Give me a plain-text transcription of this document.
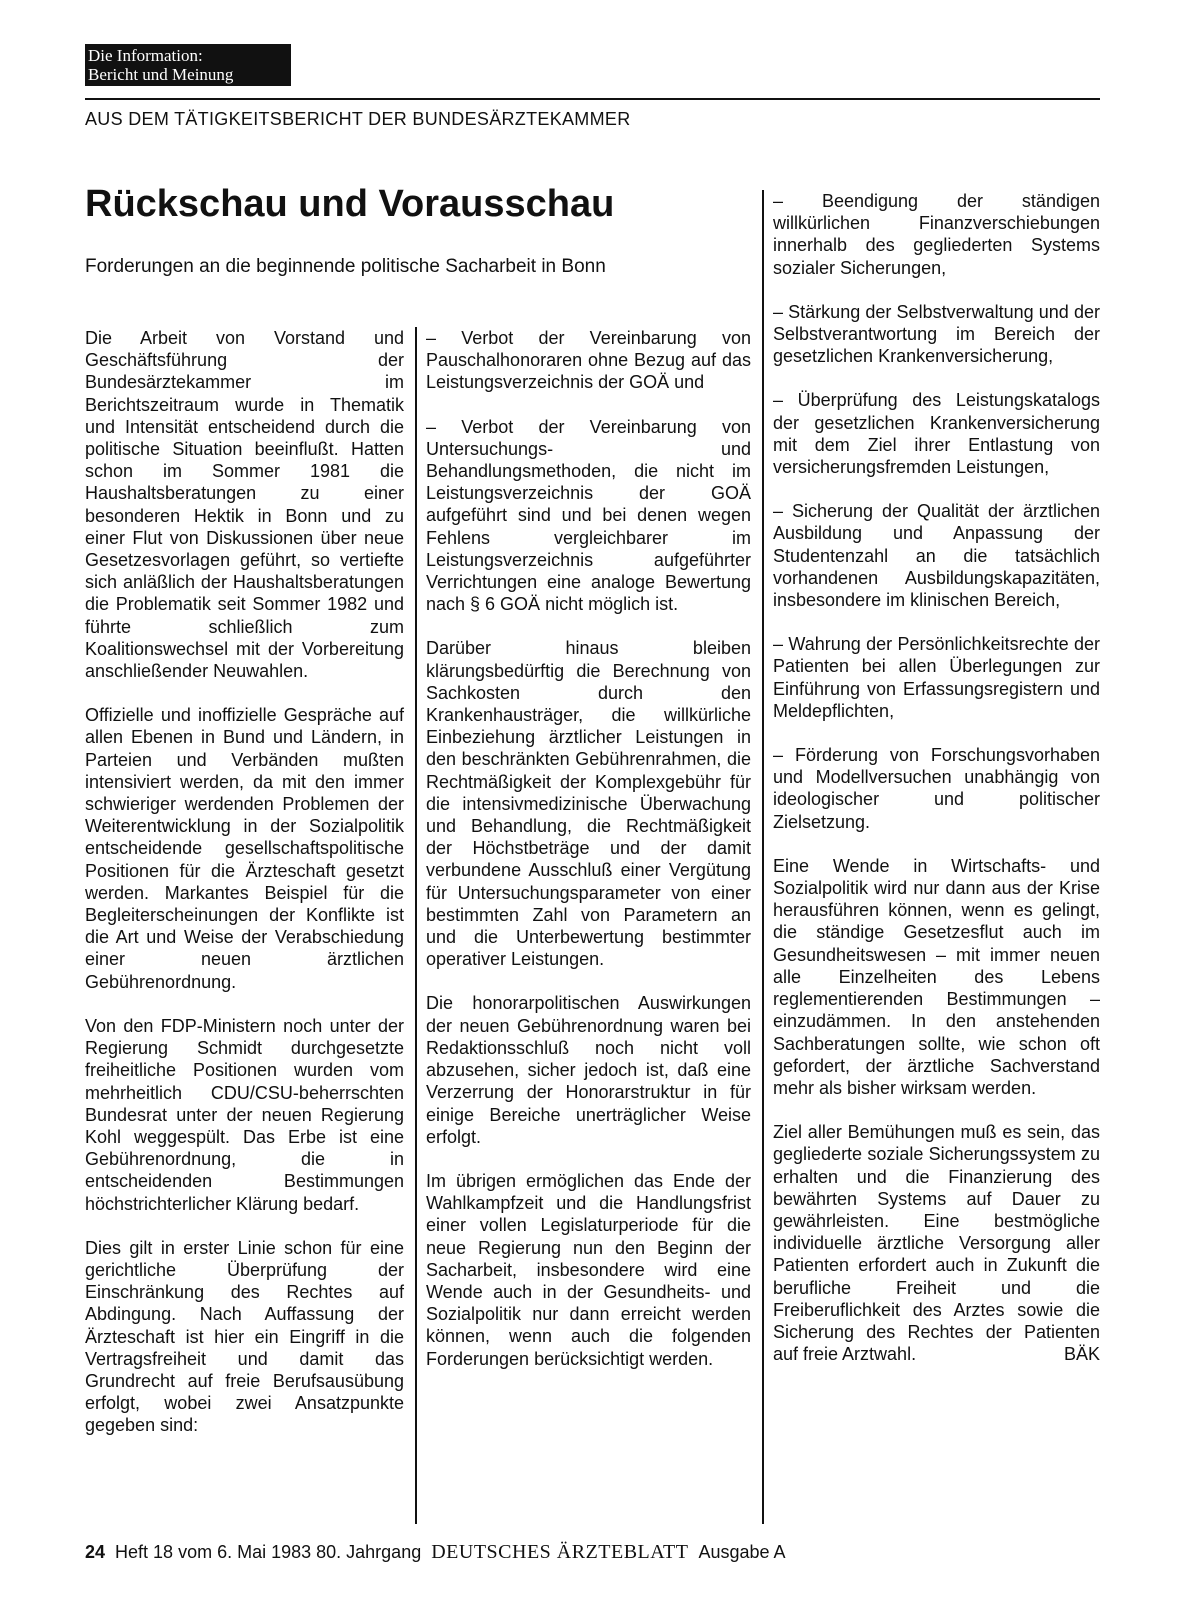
Die Information:
Bericht und Meinung
AUS DEM TÄTIGKEITSBERICHT DER BUNDESÄRZTEKAMMER
Rückschau und Vorausschau
Forderungen an die beginnende politische Sacharbeit in Bonn

Die Arbeit von Vorstand und Geschäftsführung der Bundesärztekammer im Berichtszeitraum wurde in Thematik und Intensität entscheidend durch die politische Situation beeinflußt. Hatten schon im Sommer 1981 die Haushaltsberatungen zu einer besonderen Hektik in Bonn und zu einer Flut von Diskussionen über neue Gesetzesvorlagen geführt, so vertiefte sich anläßlich der Haushaltsberatungen die Problematik seit Sommer 1982 und führte schließlich zum Koalitionswechsel mit der Vorbereitung anschließender Neuwahlen.

Offizielle und inoffizielle Gespräche auf allen Ebenen in Bund und Ländern, in Parteien und Verbänden mußten intensiviert werden, da mit den immer schwieriger werdenden Problemen der Weiterentwicklung in der Sozialpolitik entscheidende gesellschaftspolitische Positionen für die Ärzteschaft gesetzt werden. Markantes Beispiel für die Begleiterscheinungen der Konflikte ist die Art und Weise der Verabschiedung einer neuen ärztlichen Gebührenordnung.

Von den FDP-Ministern noch unter der Regierung Schmidt durchgesetzte freiheitliche Positionen wurden vom mehrheitlich CDU/CSU-beherrschten Bundesrat unter der neuen Regierung Kohl weggespült. Das Erbe ist eine Gebührenordnung, die in entscheidenden Bestimmungen höchstrichterlicher Klärung bedarf.

Dies gilt in erster Linie schon für eine gerichtliche Überprüfung der Einschränkung des Rechtes auf Abdingung. Nach Auffassung der Ärzteschaft ist hier ein Eingriff in die Vertragsfreiheit und damit das Grundrecht auf freie Berufsausübung erfolgt, wobei zwei Ansatzpunkte gegeben sind:

– Verbot der Vereinbarung von Pauschalhonoraren ohne Bezug auf das Leistungsverzeichnis der GOÄ und

– Verbot der Vereinbarung von Untersuchungs- und Behandlungsmethoden, die nicht im Leistungsverzeichnis der GOÄ aufgeführt sind und bei denen wegen Fehlens vergleichbarer im Leistungsverzeichnis aufgeführter Verrichtungen eine analoge Bewertung nach § 6 GOÄ nicht möglich ist.

Darüber hinaus bleiben klärungsbedürftig die Berechnung von Sachkosten durch den Krankenhausträger, die willkürliche Einbeziehung ärztlicher Leistungen in den beschränkten Gebührenrahmen, die Rechtmäßigkeit der Komplexgebühr für die intensivmedizinische Überwachung und Behandlung, die Rechtmäßigkeit der Höchstbeträge und der damit verbundene Ausschluß einer Vergütung für Untersuchungsparameter von einer bestimmten Zahl von Parametern an und die Unterbewertung bestimmter operativer Leistungen.

Die honorarpolitischen Auswirkungen der neuen Gebührenordnung waren bei Redaktionsschluß noch nicht voll abzusehen, sicher jedoch ist, daß eine Verzerrung der Honorarstruktur in für einige Bereiche unerträglicher Weise erfolgt.

Im übrigen ermöglichen das Ende der Wahlkampfzeit und die Handlungsfrist einer vollen Legislaturperiode für die neue Regierung nun den Beginn der Sacharbeit, insbesondere wird eine Wende auch in der Gesundheits- und Sozialpolitik nur dann erreicht werden können, wenn auch die folgenden Forderungen berücksichtigt werden.

– Beendigung der ständigen willkürlichen Finanzverschiebungen innerhalb des gegliederten Systems sozialer Sicherungen,

– Stärkung der Selbstverwaltung und der Selbstverantwortung im Bereich der gesetzlichen Krankenversicherung,

– Überprüfung des Leistungskatalogs der gesetzlichen Krankenversicherung mit dem Ziel ihrer Entlastung von versicherungsfremden Leistungen,

– Sicherung der Qualität der ärztlichen Ausbildung und Anpassung der Studentenzahl an die tatsächlich vorhandenen Ausbildungskapazitäten, insbesondere im klinischen Bereich,

– Wahrung der Persönlichkeitsrechte der Patienten bei allen Überlegungen zur Einführung von Erfassungsregistern und Meldepflichten,

– Förderung von Forschungsvorhaben und Modellversuchen unabhängig von ideologischer und politischer Zielsetzung.

Eine Wende in Wirtschafts- und Sozialpolitik wird nur dann aus der Krise herausführen können, wenn es gelingt, die ständige Gesetzesflut auch im Gesundheitswesen – mit immer neuen alle Einzelheiten des Lebens reglementierenden Bestimmungen – einzudämmen. In den anstehenden Sachberatungen sollte, wie schon oft gefordert, der ärztliche Sachverstand mehr als bisher wirksam werden.

Ziel aller Bemühungen muß es sein, das gegliederte soziale Sicherungssystem zu erhalten und die Finanzierung des bewährten Systems auf Dauer zu gewährleisten. Eine bestmögliche individuelle ärztliche Versorgung aller Patienten erfordert auch in Zukunft die berufliche Freiheit und die Freiberuflichkeit des Arztes sowie die Sicherung des Rechtes der Patienten auf freie Arztwahl.	BÄK

24 Heft 18 vom 6. Mai 1983 80. Jahrgang DEUTSCHES ÄRZTEBLATT Ausgabe A
